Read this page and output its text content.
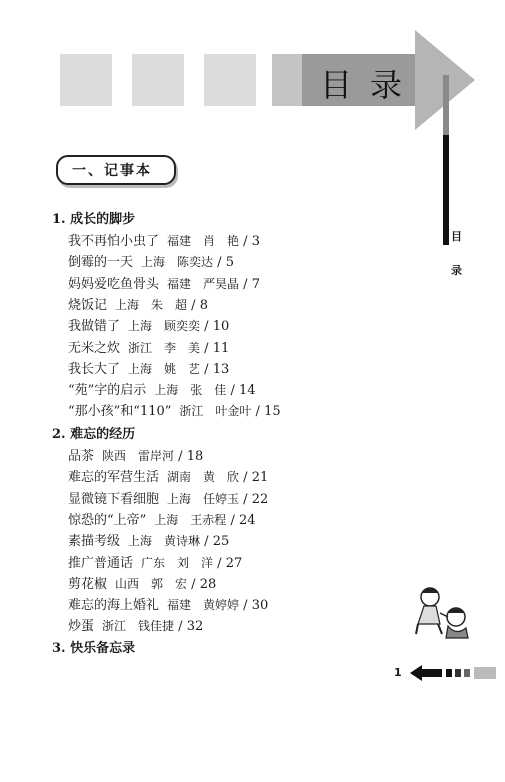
目录
目
录
一、记事本
1. 成长的脚步
我不再怕小虫了 福建　肖　艳 / 3
倒霉的一天 上海　陈奕达 / 5
妈妈爱吃鱼骨头 福建　严昊晶 / 7
烧饭记 上海　朱　超 / 8
我做错了 上海　顾奕奕 / 10
无米之炊 浙江　李　美 / 11
我长大了 上海　姚　艺 / 13
“苑”字的启示 上海　张　佳 / 14
“那小孩”和“110” 浙江　叶金叶 / 15
2. 难忘的经历
品茶 陕西　雷岸河 / 18
难忘的军营生活 湖南　黄　欣 / 21
显微镜下看细胞 上海　任婷玉 / 22
惊恐的“上帝” 上海　王赤程 / 24
素描考级 上海　黄诗琳 / 25
推广普通话 广东　刘　洋 / 27
剪花椒 山西　郭　宏 / 28
难忘的海上婚礼 福建　黄婷婷 / 30
炒蛋 浙江　钱佳捷 / 32
3. 快乐备忘录
1
